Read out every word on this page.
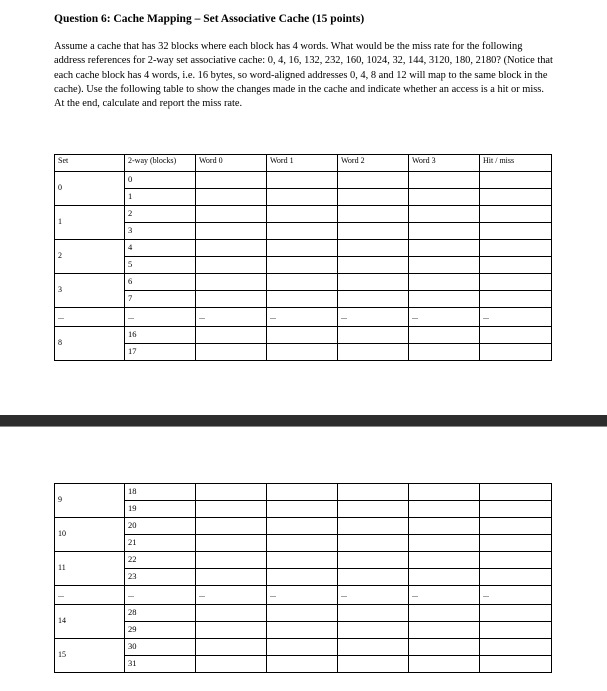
Question 6: Cache Mapping – Set Associative Cache (15 points)

Assume a cache that has 32 blocks where each block has 4 words. What would be the miss rate for the following address references for 2-way set associative cache: 0, 4, 16, 132, 232, 160, 1024, 32, 144, 3120, 180, 2180? (Notice that each cache block has 4 words, i.e. 16 bytes, so word-aligned addresses 0, 4, 8 and 12 will map to the same block in the cache). Use the following table to show the changes made in the cache and indicate whether an access is a hit or miss. At the end, calculate and report the miss rate.

Set	2-way (blocks)	Word 0	Word 1	Word 2	Word 3	Hit / miss
0	0					
	1					
1	2					
	3					
2	4					
	5					
3	6					
	7					
...	...	...	...	...	...	...
8	16					
	17					
9	18					
	19					
10	20					
	21					
11	22					
	23					
...	...	...	...	...	...	...
14	28					
	29					
15	30					
	31					
